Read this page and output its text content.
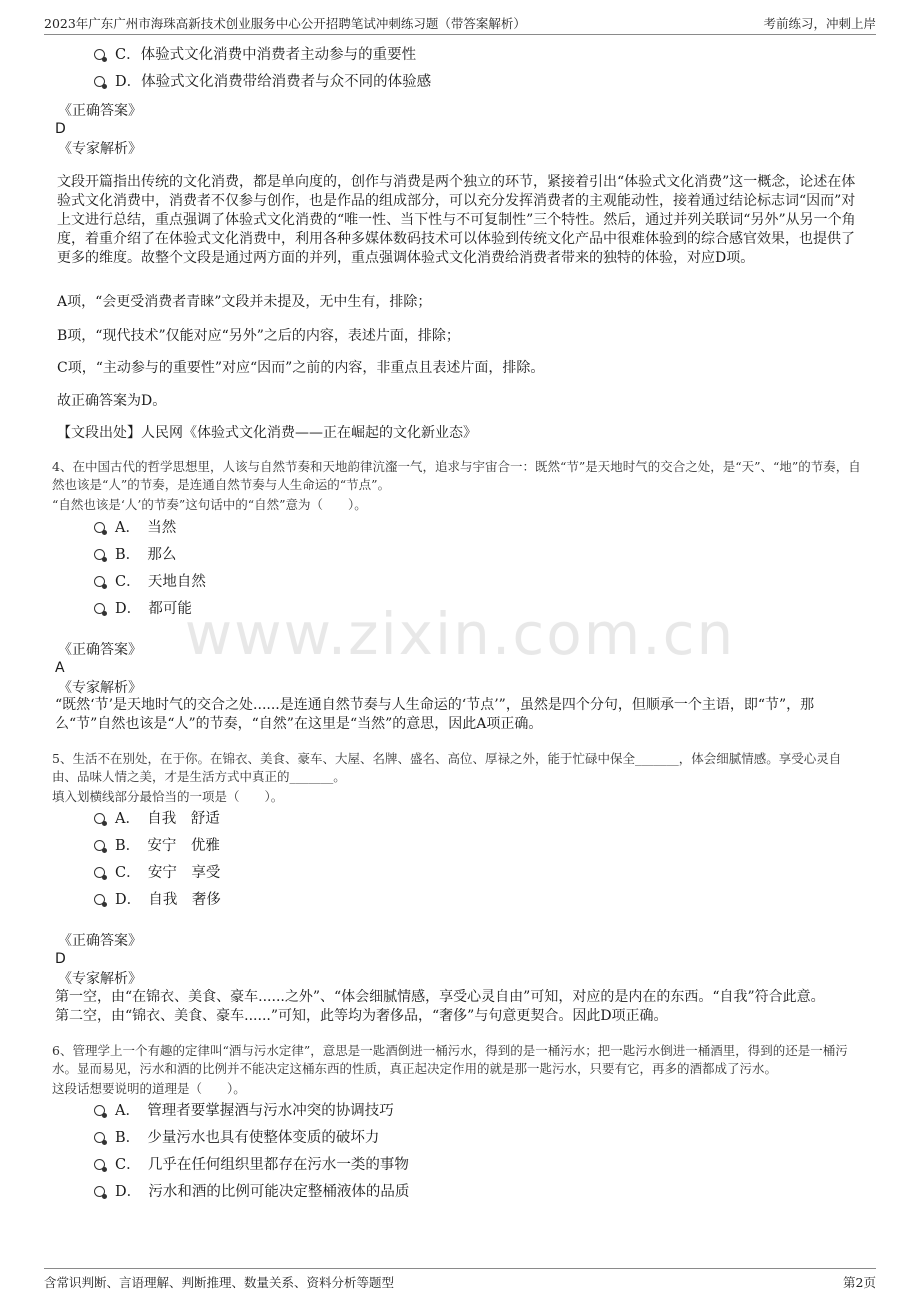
2023年广东广州市海珠高新技术创业服务中心公开招聘笔试冲刺练习题（带答案解析）	考前练习，冲刺上岸
www.zixin.com.cn
C．体验式文化消费中消费者主动参与的重要性
D．体验式文化消费带给消费者与众不同的体验感
《正确答案》
D
《专家解析》
文段开篇指出传统的文化消费，都是单向度的，创作与消费是两个独立的环节，紧接着引出“体验式文化消费”这一概念，论述在体验式文化消费中，消费者不仅参与创作，也是作品的组成部分，可以充分发挥消费者的主观能动性，接着通过结论标志词“因而”对上文进行总结，重点强调了体验式文化消费的“唯一性、当下性与不可复制性”三个特性。然后，通过并列关联词“另外”从另一个角度，着重介绍了在体验式文化消费中，利用各种多媒体数码技术可以体验到传统文化产品中很难体验到的综合感官效果，也提供了更多的维度。故整个文段是通过两方面的并列，重点强调体验式文化消费给消费者带来的独特的体验，对应D项。
A项，“会更受消费者青睐”文段并未提及，无中生有，排除；
B项，“现代技术”仅能对应“另外”之后的内容，表述片面，排除；
C项，“主动参与的重要性”对应“因而”之前的内容，非重点且表述片面，排除。
故正确答案为D。
【文段出处】人民网《体验式文化消费——正在崛起的文化新业态》
4、在中国古代的哲学思想里，人该与自然节奏和天地韵律沆瀣一气，追求与宇宙合一：既然“节”是天地时气的交合之处，是“天”、“地”的节奏，自然也该是“人”的节奏，是连通自然节奏与人生命运的“节点”。
“自然也该是‘人’的节奏”这句话中的“自然”意为（　　）。
A．　当然
B．　那么
C．　天地自然
D．　都可能
《正确答案》
A
《专家解析》
“既然‘节’是天地时气的交合之处......是连通自然节奏与人生命运的‘节点’”，虽然是四个分句，但顺承一个主语，即“节”，那么“节”自然也该是“人”的节奏，“自然”在这里是“当然”的意思，因此A项正确。
5、生活不在别处，在于你。在锦衣、美食、豪车、大屋、名牌、盛名、高位、厚禄之外，能于忙碌中保全_______，体会细腻情感。享受心灵自由、品味人情之美，才是生活方式中真正的_______。
填入划横线部分最恰当的一项是（　　）。
A．　自我　舒适
B．　安宁　优雅
C．　安宁　享受
D．　自我　奢侈
《正确答案》
D
《专家解析》
第一空，由“在锦衣、美食、豪车......之外”、“体会细腻情感，享受心灵自由”可知，对应的是内在的东西。“自我”符合此意。
第二空，由“锦衣、美食、豪车......”可知，此等均为奢侈品，“奢侈”与句意更契合。因此D项正确。
6、管理学上一个有趣的定律叫“酒与污水定律”，意思是一匙酒倒进一桶污水，得到的是一桶污水；把一匙污水倒进一桶酒里，得到的还是一桶污水。显而易见，污水和酒的比例并不能决定这桶东西的性质，真正起决定作用的就是那一匙污水，只要有它，再多的酒都成了污水。
这段话想要说明的道理是（　　）。
A．　管理者要掌握酒与污水冲突的协调技巧
B．　少量污水也具有使整体变质的破坏力
C．　几乎在任何组织里都存在污水一类的事物
D．　污水和酒的比例可能决定整桶液体的品质
含常识判断、言语理解、判断推理、数量关系、资料分析等题型	第2页
